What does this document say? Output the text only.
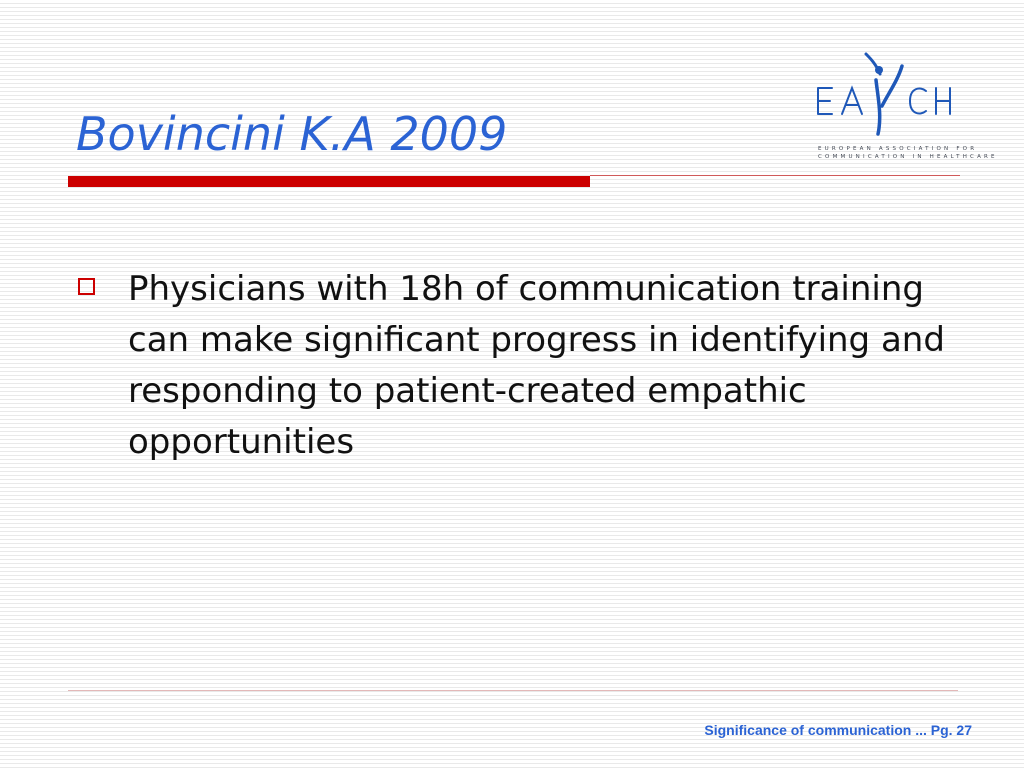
Bovincini K.A 2009	EUROPEAN ASSOCIATION FOR
COMMUNICATION IN HEALTHCARE
Physicians with 18h of communication training can make significant progress in identifying and responding to patient-created empathic opportunities
Significance of communication ... Pg. 27
